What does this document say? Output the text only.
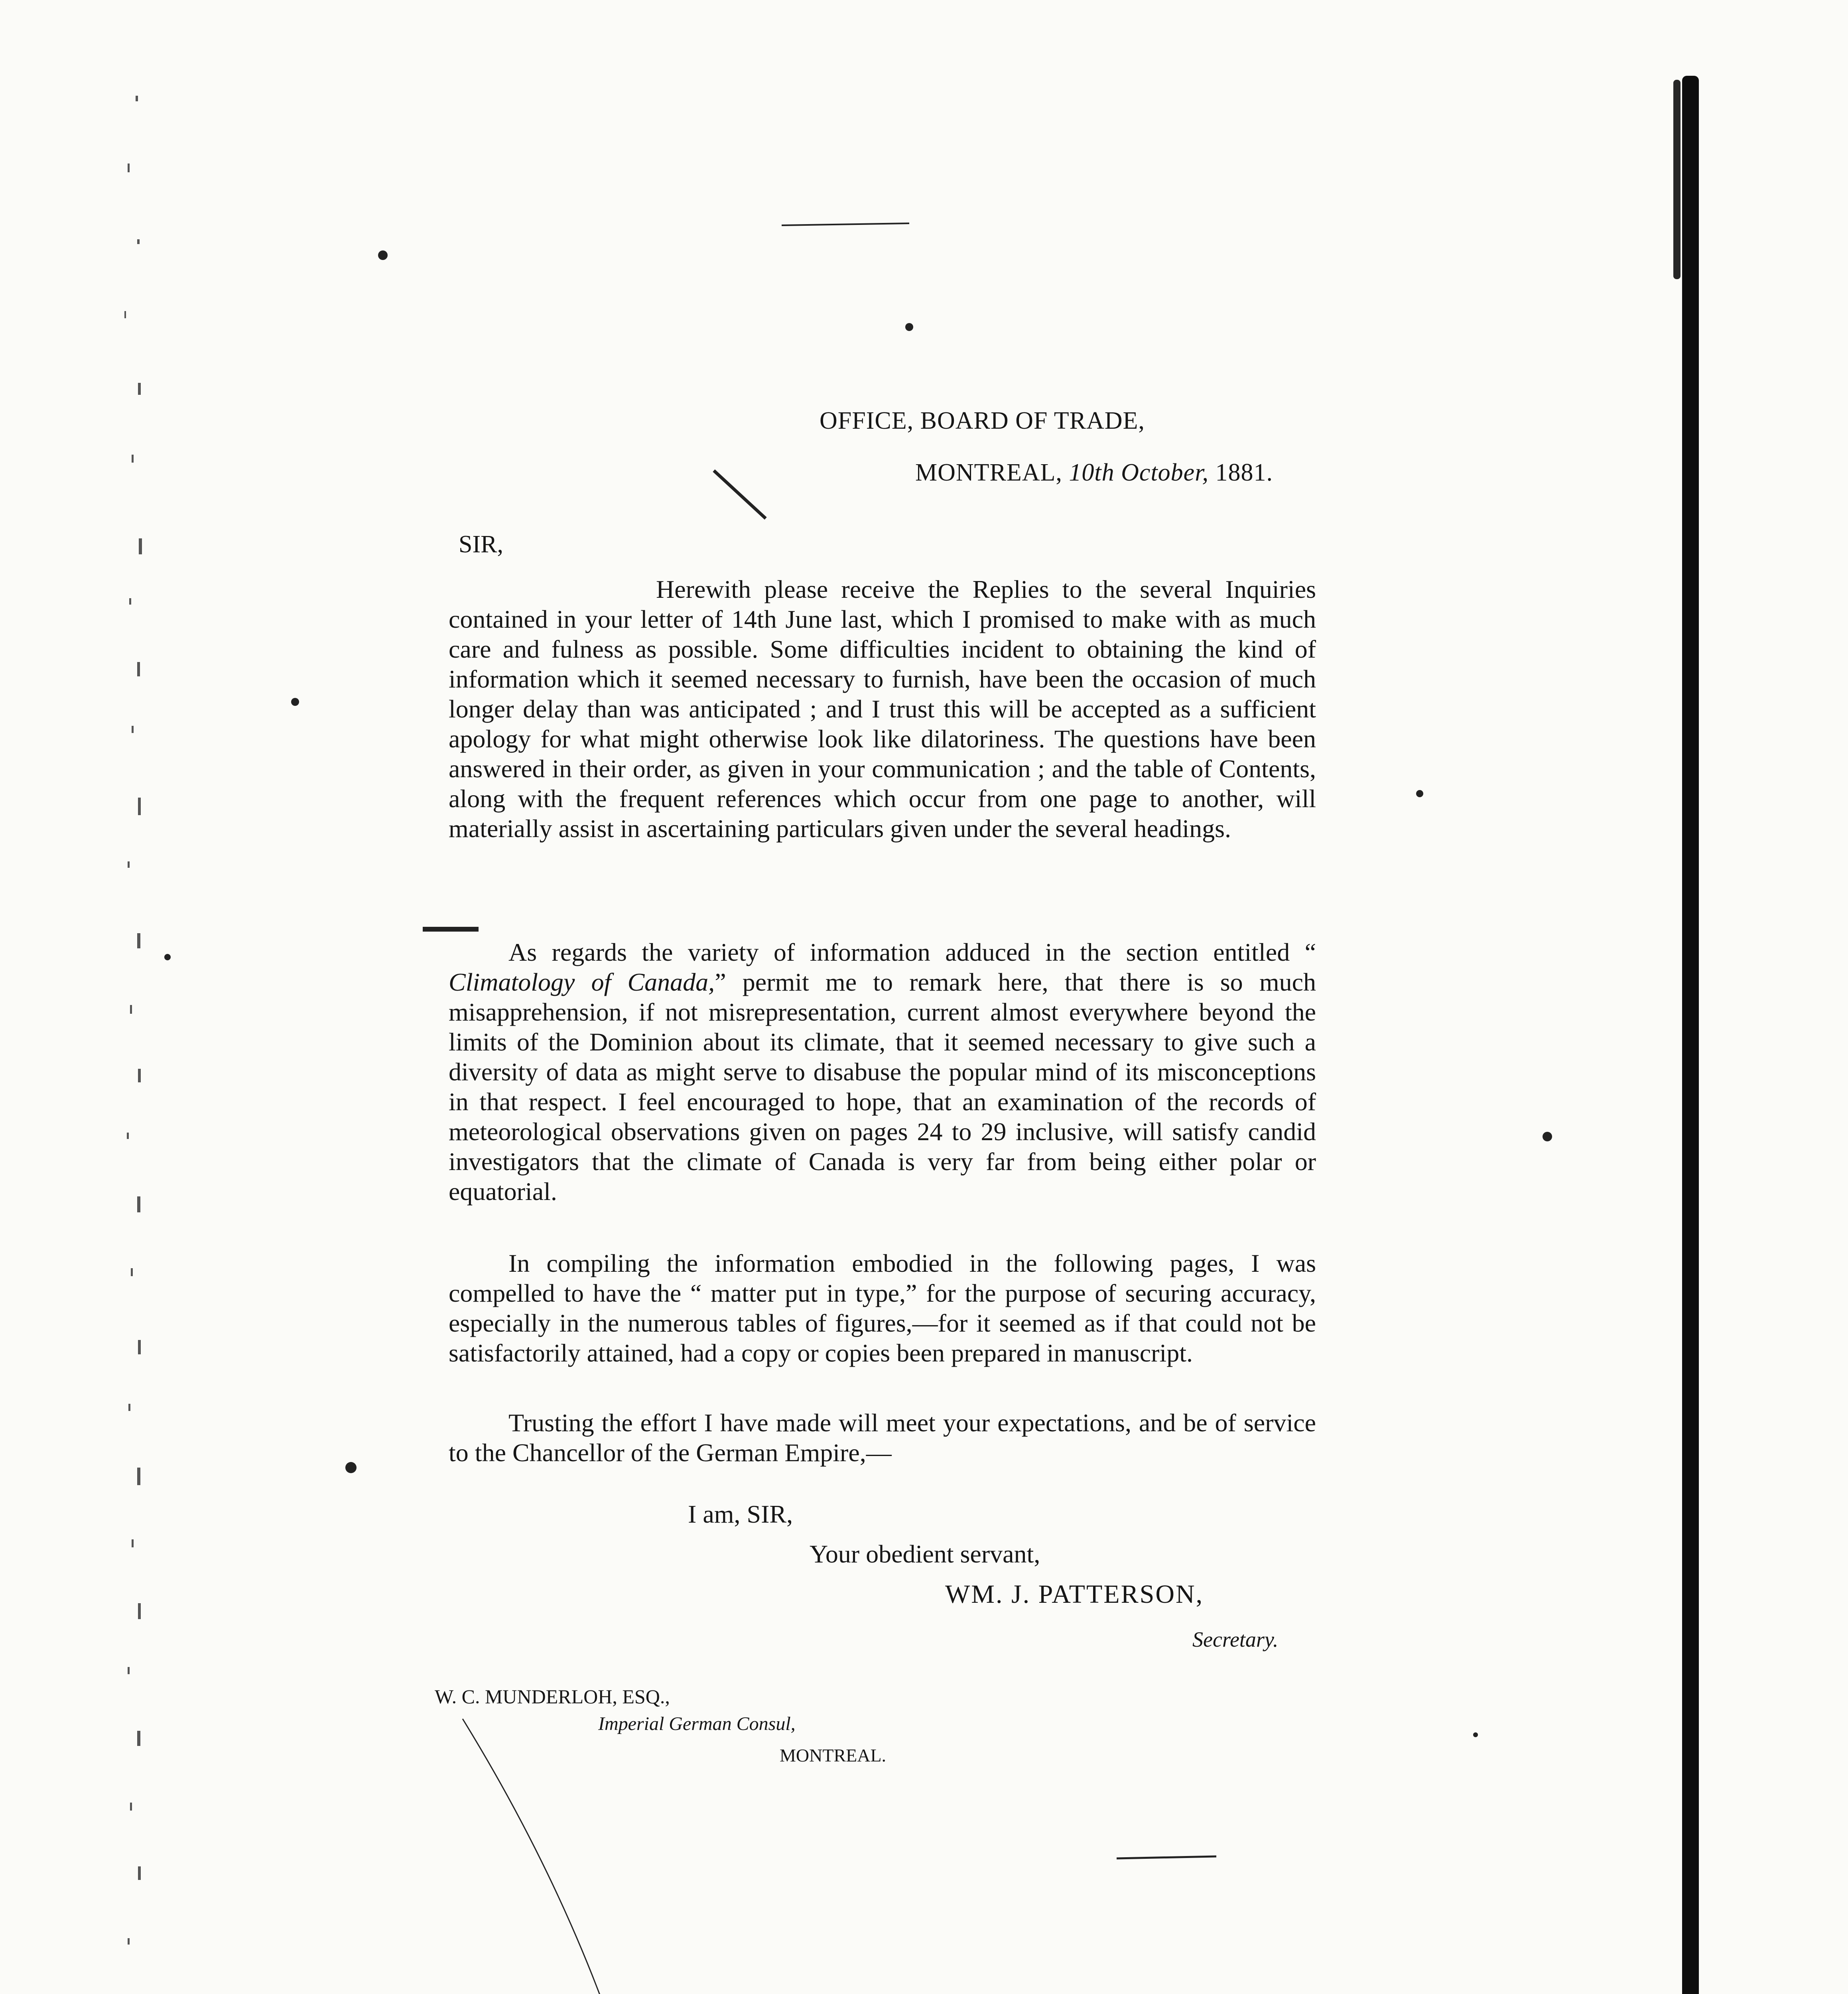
OFFICE, BOARD OF TRADE,
MONTREAL, 10th October, 1881.
SIR,
Herewith please receive the Replies to the several Inquiries contained in your letter of 14th June last, which I promised to make with as much care and fulness as possible. Some difficulties incident to obtaining the kind of information which it seemed necessary to furnish, have been the occasion of much longer delay than was anticipated ; and I trust this will be accepted as a sufficient apology for what might otherwise look like dilatoriness. The questions have been answered in their order, as given in your communication ; and the table of Contents, along with the frequent references which occur from one page to another, will materially assist in ascertaining particulars given under the several headings.
As regards the variety of information adduced in the section entitled “ Climatology of Canada,” permit me to remark here, that there is so much misapprehension, if not misrepresentation, current almost everywhere beyond the limits of the Dominion about its climate, that it seemed necessary to give such a diversity of data as might serve to disabuse the popular mind of its misconceptions in that respect. I feel encouraged to hope, that an examination of the records of meteorological observations given on pages 24 to 29 inclusive, will satisfy candid investigators that the climate of Canada is very far from being either polar or equatorial.
In compiling the information embodied in the following pages, I was compelled to have the “ matter put in type,” for the purpose of securing accuracy, especially in the numerous tables of figures,—for it seemed as if that could not be satisfactorily attained, had a copy or copies been prepared in manuscript.
Trusting the effort I have made will meet your expectations, and be of service to the Chancellor of the German Empire,—
I am, SIR,
Your obedient servant,
WM. J. PATTERSON,
Secretary.
W. C. MUNDERLOH, ESQ.,
Imperial German Consul,
MONTREAL.
